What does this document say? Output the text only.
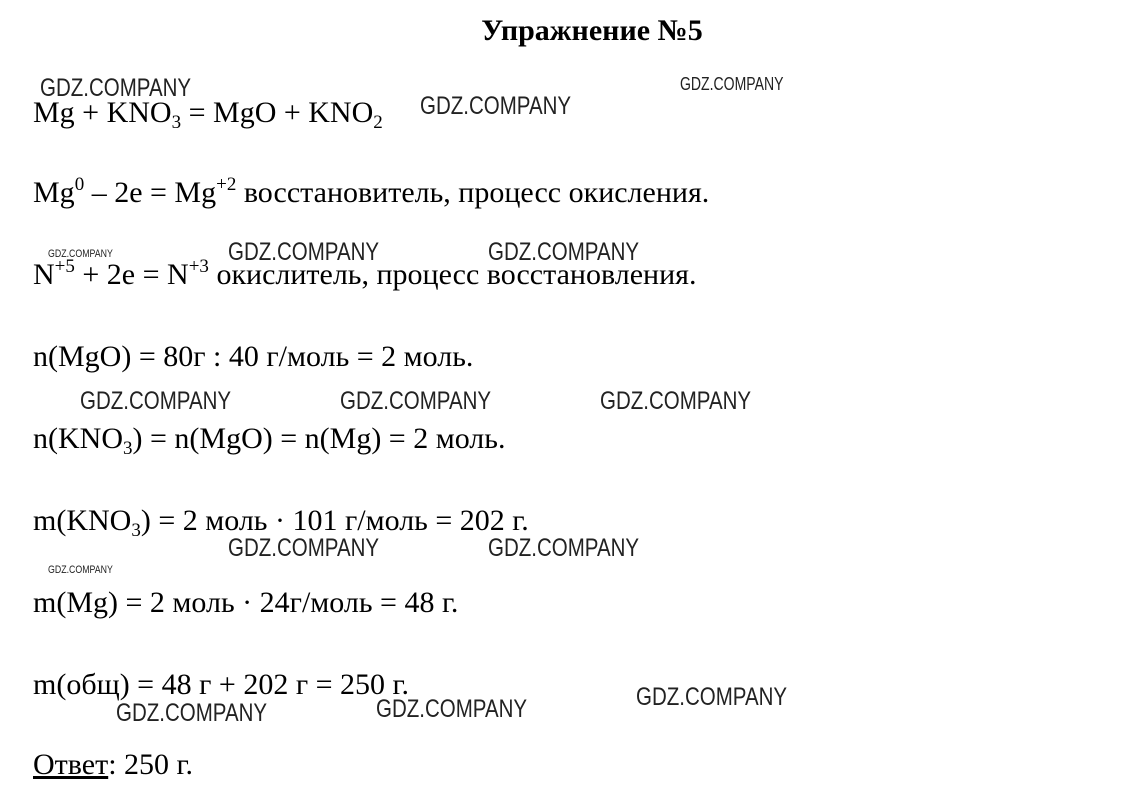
Упражнение №5
$Mg + KNO_3$ = MgO + $KNO_2$
$Mg^0 - 2e = Mg^{+2}$ восстановитель, процесс окисления.
$N^{+5} + 2e = N^{+3}$ окислитель, процесс восстановления.
n(MgO) = 80г : 40 г/моль = 2 моль.
$n(KNO_3) = n(MgO) = n(Mg) = 2$ моль.
$m(KNO_3) = 2$ моль · 101 г/моль = 202 г.
m(Mg) = 2 моль · 24г/моль = 48 г.
m(общ) = 48 г + 202 г = 250 г.
Ответ: 250 г.
GDZ.COMPANY
GDZ.COMPANY
GDZ.COMPANY
GDZ.COMPANY	GDZ.COMPANY	GDZ.COMPANY
GDZ.COMPANY	GDZ.COMPANY	GDZ.COMPANY
GDZ.COMPANY	GDZ.COMPANY
GDZ.COMPANY
GDZ.COMPANY
GDZ.COMPANY	GDZ.COMPANY
